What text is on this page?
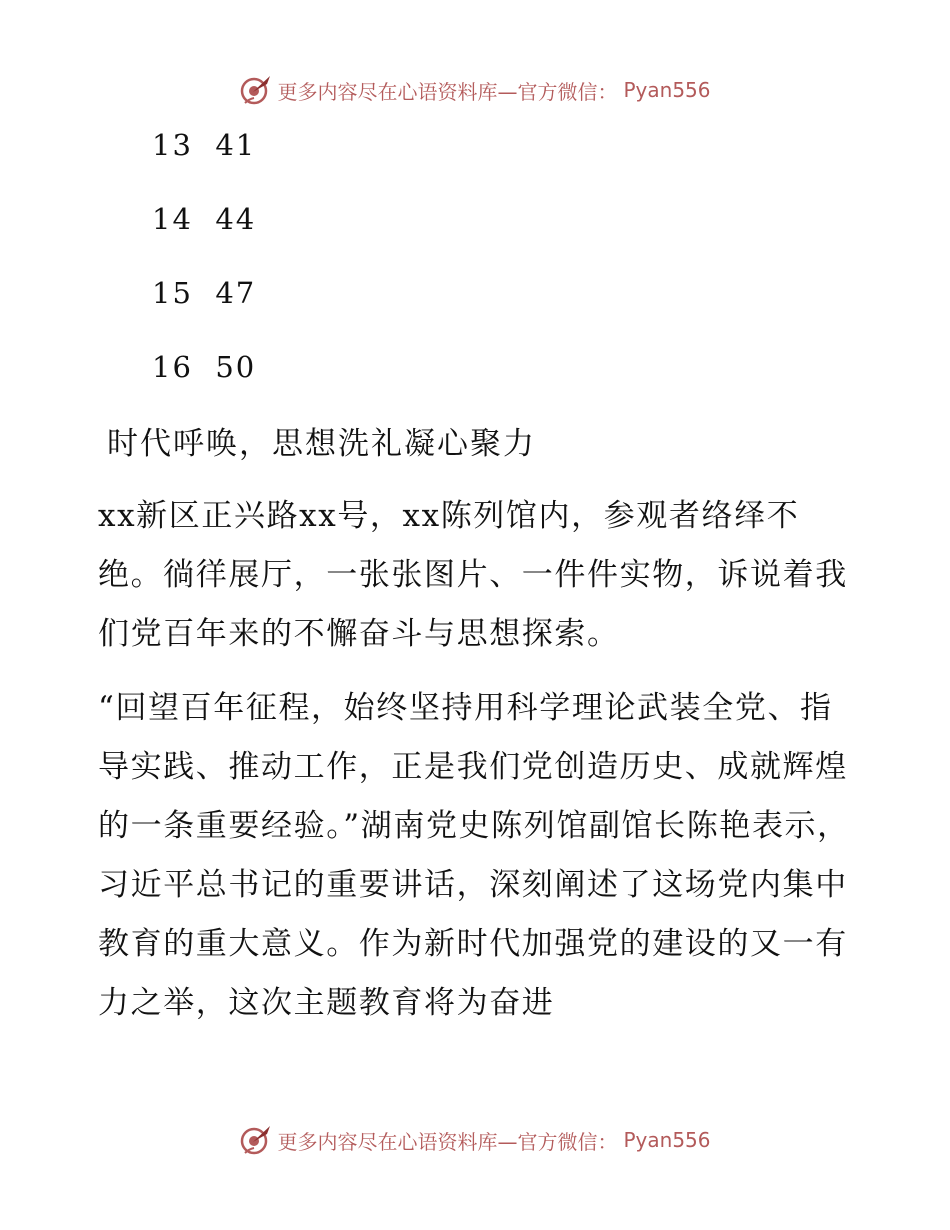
更多内容尽在心语资料库—官方微信： Pyan556
13 41
14 44
15 47
16 50
时代呼唤，思想洗礼凝心聚力

xx新区正兴路xx号，xx陈列馆内，参观者络绎不绝。徜徉展厅，一张张图片、一件件实物，诉说着我们党百年来的不懈奋斗与思想探索。

“回望百年征程，始终坚持用科学理论武装全党、指导实践、推动工作，正是我们党创造历史、成就辉煌的一条重要经验。”湖南党史陈列馆副馆长陈艳表示，习近平总书记的重要讲话，深刻阐述了这场党内集中教育的重大意义。作为新时代加强党的建设的又一有力之举，这次主题教育将为奋进

更多内容尽在心语资料库—官方微信： Pyan556
